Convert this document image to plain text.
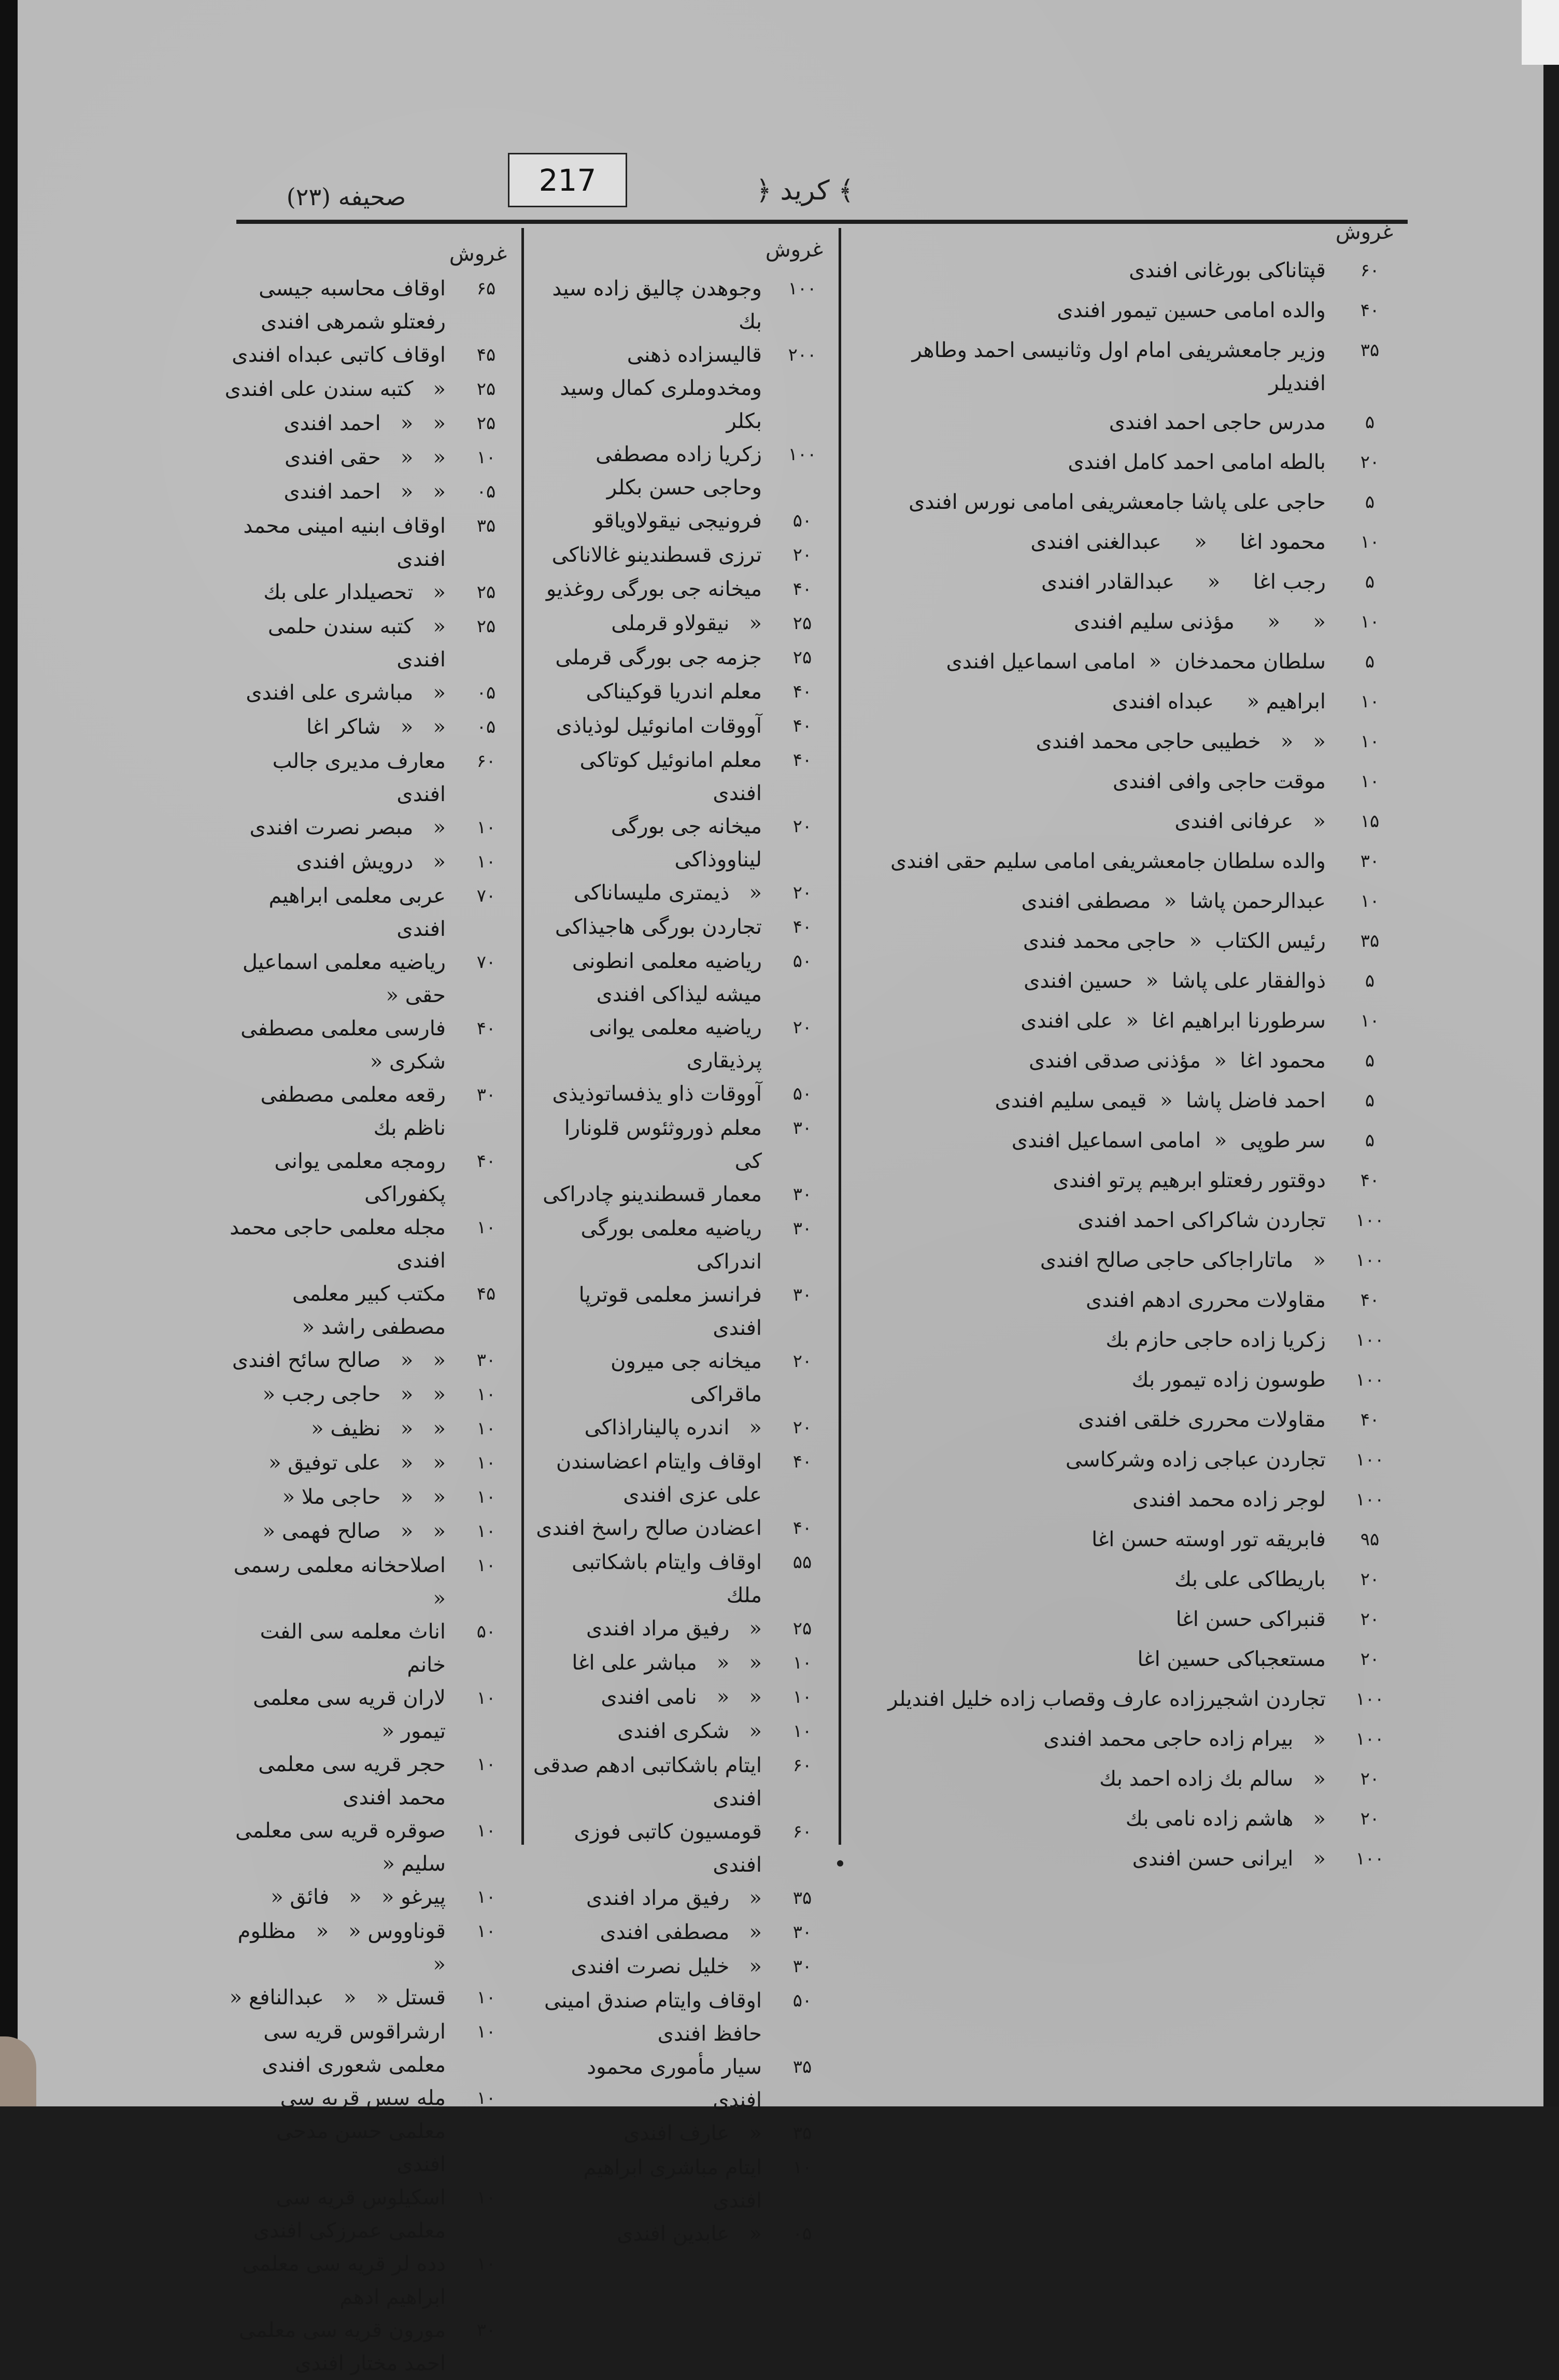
(۲۳) صحیفه	217	﴿ كريد ﴾
غروش
غروش
غروش
۶۰
قپتاناكی بورغانی افندی
۴۰
والده امامی حسین تیمور افندی
۳۵
وزیر جامعشریفی امام اول وثانیسی احمد وطاهر افندیلر
۵
مدرس حاجی احمد افندی
۲۰
بالطه امامی احمد كامل افندی
۵
حاجی علی پاشا جامعشریفی امامی نورس افندی
۱۰
محمود اغا     «     عبدالغنی افندی
۵
رجب اغا     «     عبدالقادر افندی
۱۰
«     «     مؤذنی سلیم افندی
۵
سلطان محمدخان  «  امامی اسماعیل افندی
۱۰
ابراهیم «     عبداه افندی
۱۰
«   «   خطیبی حاجی محمد افندی
۱۰
موقت حاجی وافی افندی
۱۵
«   عرفانی افندی
۳۰
والده سلطان جامعشریفی امامی سلیم حقی افندی
۱۰
عبدالرحمن پاشا  «  مصطفی افندی
۳۵
رئیس الكتاب  «  حاجی محمد فندی
۵
ذوالفقار علی پاشا  «  حسین افندی
۱۰
سرطورنا ابراهیم اغا  «  علی افندی
۵
محمود اغا  «  مؤذنی صدقی افندی
۵
احمد فاضل پاشا  «  قیمی سلیم افندی
۵
سر طوپی  «  امامی اسماعیل افندی
۴۰
دوقتور رفعتلو ابرهیم پرتو افندی
۱۰۰
تجاردن شاكراكی احمد افندی
۱۰۰
«   ماتاراجاكی حاجی صالح افندی
۴۰
مقاولات محرری ادهم افندی
۱۰۰
زكریا زاده حاجی حازم بك
۱۰۰
طوسون زاده تیمور بك
۴۰
مقاولات محرری خلقی افندی
۱۰۰
تجاردن عباجی زاده وشركاسی
۱۰۰
لوجر زاده محمد افندی
۹۵
فابریقه تور اوسته حسن اغا
۲۰
باریطاكی علی بك
۲۰
قنبراكی حسن اغا
۲۰
مستعجباكی حسین اغا
۱۰۰
تجاردن اشجیرزاده عارف وقصاب زاده خلیل افندیلر
۱۰۰
«   بیرام زاده حاجی محمد افندی
۲۰
«   سالم بك زاده احمد بك
۲۰
«   هاشم زاده نامی بك
۱۰۰
«   ایرانی حسن افندی
۱۰۰
وجوهدن چالیق زاده سید بك
۲۰۰
قالیسزاده ذهنی ومخدوملری كمال وسید بكلر
۱۰۰
زكریا زاده مصطفی وحاجی حسن بكلر
۵۰
فرونیجی نیقولاویاقو
۲۰
ترزی قسطندینو غالاناكی
۴۰
میخانه جی بورگی روغذیو
۲۵
«   نیقولاو قرملی
۲۵
جزمه جی بورگی قرملی
۴۰
معلم اندریا قوكیناكی
۴۰
آووقات امانوئیل لوذیاذی
۴۰
معلم امانوئیل كوتاكی افندی
۲۰
میخانه جی بورگی لیناووذاكی
۲۰
«   ذیمتری ملیساناكی
۴۰
تجاردن بورگی هاجیذاكی
۵۰
ریاضیه معلمی انطونی میشه لیذاكی افندی
۲۰
ریاضیه معلمی یوانی پرذیقاری
۵۰
آووقات ذاو یذفساتوذیذی
۳۰
معلم ذوروثئوس قلونارا كی
۳۰
معمار قسطندینو چادراكی
۳۰
ریاضیه معلمی بورگی اندراكی
۳۰
فرانسز معلمی قوترپا افندی
۲۰
میخانه جی میرون ماقراكی
۲۰
«   اندره پالیناراذاكی
۴۰
اوقاف وایتام اعضاسندن علی عزی افندی
۴۰
اعضادن صالح راسخ افندی
۵۵
اوقاف وایتام باشكاتبی ملك
۲۵
«   رفیق مراد افندی
۱۰
«   «   مباشر علی اغا
۱۰
«   «   نامی افندی
۱۰
«   شكری افندی
۶۰
ایتام باشكاتبی ادهم صدقی افندی
۶۰
قومسیون كاتبی فوزی افندی
۳۵
«   رفیق مراد افندی
۳۰
«   مصطفی افندی
۳۰
«   خلیل نصرت افندی
۵۰
اوقاف وایتام صندق امینی حافظ افندی
۳۵
سیار مأموری محمود افندی
۳۵
«   عارف افندی
۱۰
ایتام مباشری ابراهیم افندی
۰۵
«   عابدین افندی
۶۵
اوقاف محاسبه جیسی رفعتلو شمرهی افندی
۴۵
اوقاف كاتبی عبداه افندی
۲۵
«   كتبه سندن علی افندی
۲۵
«   «   احمد افندی
۱۰
«   «   حقی افندی
۰۵
«   «   احمد افندی
۳۵
اوقاف ابنیه امینی محمد افندی
۲۵
«   تحصیلدار علی بك
۲۵
«   كتبه سندن حلمی افندی
۰۵
«   مباشری علی افندی
۰۵
«   «   شاكر اغا
۶۰
معارف مدیری جالب افندی
۱۰
«   مبصر نصرت افندی
۱۰
«   درویش افندی
۷۰
عربی معلمی ابراهیم افندی
۷۰
ریاضیه معلمی اسماعیل حقی «
۴۰
فارسی معلمی مصطفی شكری «
۳۰
رقعه معلمی مصطفی ناظم بك
۴۰
رومجه معلمی یوانی پكفوراكی
۱۰
مجله معلمی حاجی محمد افندی
۴۵
مكتب كبیر معلمی مصطفی راشد «
۳۰
«   «   صالح سائح افندی
۱۰
«   «   حاجی رجب «
۱۰
«   «   نظیف «
۱۰
«   «   علی توفیق «
۱۰
«   «   حاجی ملا «
۱۰
«   «   صالح فهمی «
۱۰
اصلاحخانه معلمی رسمی «
۵۰
اناث معلمه سی الفت خانم
۱۰
لاران قریه سی معلمی تیمور «
۱۰
حجر قریه سی معلمی محمد افندی
۱۰
صوقره قریه سی معلمی سلیم «
۱۰
پیرغو «   «   فائق «
۱۰
قوناووس «   «   مظلوم «
۱۰
قستل «   «   عبدالنافع «
۱۰
ارشراقوس قریه سی معلمی شعوری افندی
۱۰
مله سس قریه سی معلمی حسن مدحی افندی
۱۰
اسكیلوس قریه سی معلمی عمرزكی افندی
۱۰
دده لر قریه سی معلمی ابراهیم ادهم
۳۰
مورون قریه سی معلمی احمد مختار افندی
